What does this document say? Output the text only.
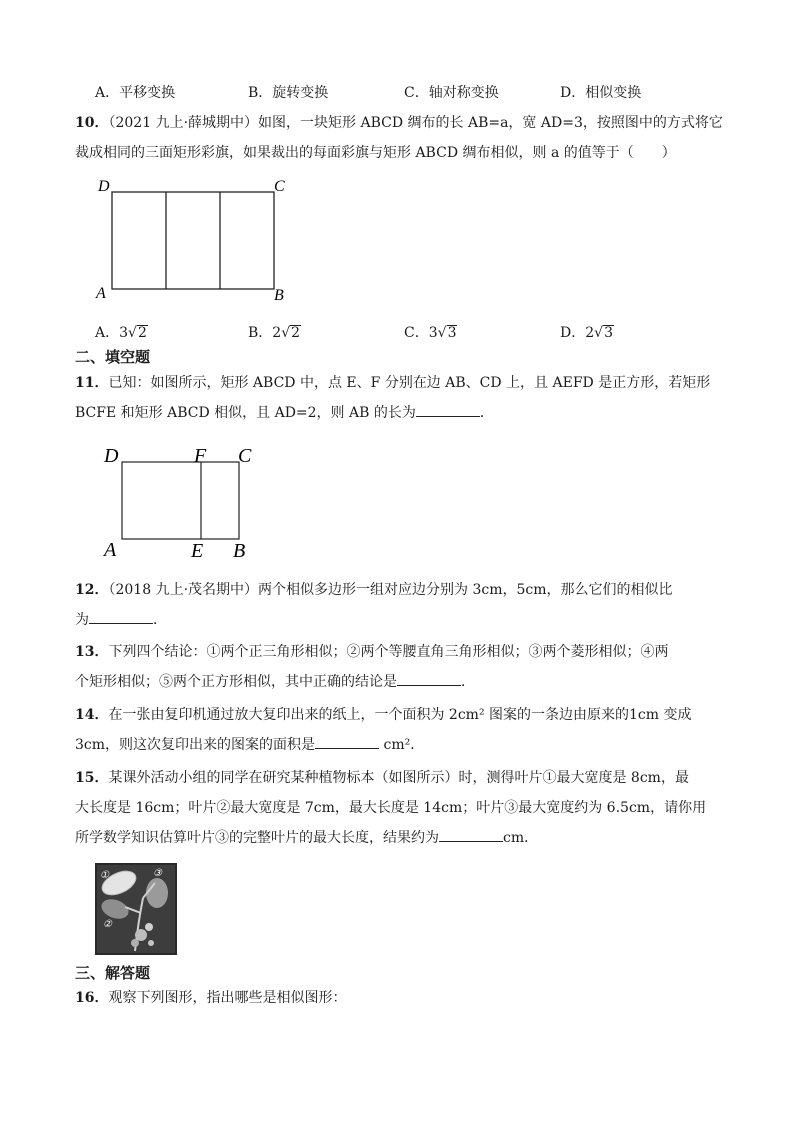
A．平移变换	B．旋转变换	C．轴对称变换	D．相似变换
10．（2021 九上·薛城期中）如图，一块矩形 ABCD 绸布的长 AB=a，宽 AD=3，按照图中的方式将它
裁成相同的三面矩形彩旗，如果裁出的每面彩旗与矩形 ABCD 绸布相似，则 a 的值等于（　　）
D	C
A	B
A．3√2	B．2√2	C．3√3	D．2√3
二、填空题
11．已知：如图所示，矩形 ABCD 中，点 E、F 分别在边 AB、CD 上，且 AEFD 是正方形，若矩形
BCFE 和矩形 ABCD 相似，且 AD=2，则 AB 的长为	．
D	F C
A	E B
12．（2018 九上·茂名期中）两个相似多边形一组对应边分别为 3cm，5cm，那么它们的相似比
为	．
13．下列四个结论：①两个正三角形相似；②两个等腰直角三角形相似；③两个菱形相似；④两
个矩形相似；⑤两个正方形相似，其中正确的结论是	．
14．在一张由复印机通过放大复印出来的纸上，一个面积为 2cm² 图案的一条边由原来的1cm 变成
3cm，则这次复印出来的图案的面积是	cm²．
15．某课外活动小组的同学在研究某种植物标本（如图所示）时，测得叶片①最大宽度是 8cm，最
大长度是 16cm；叶片②最大宽度是 7cm，最大长度是 14cm；叶片③最大宽度约为 6.5cm，请你用
所学数学知识估算叶片③的完整叶片的最大长度，结果约为	cm．
①
②
③
三、解答题
16．观察下列图形，指出哪些是相似图形：
